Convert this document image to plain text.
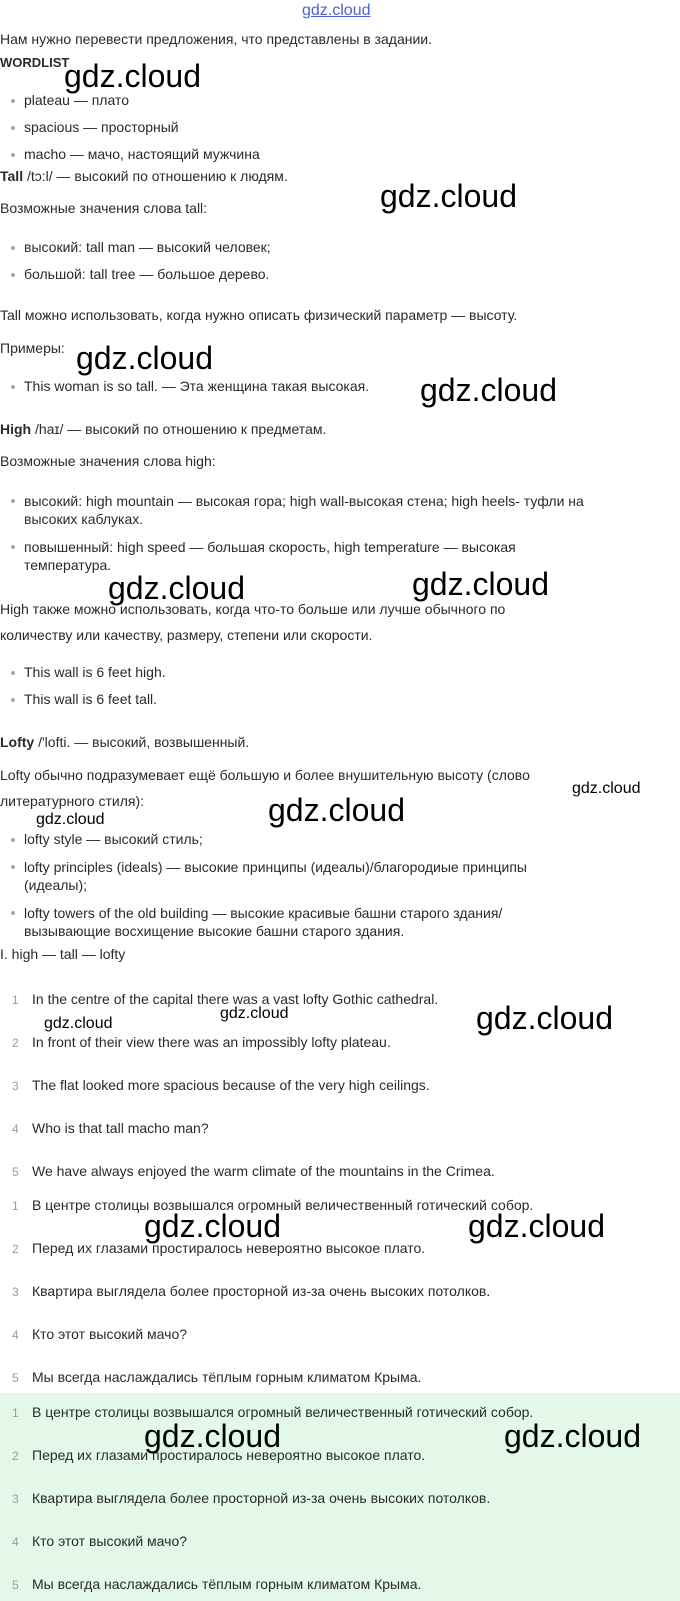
gdz.cloud
Нам нужно перевести предложения, что представлены в задании.
WORDLIST
plateau — плато
spacious — просторный
macho — мачо, настоящий мужчина
Tall /tɔ:l/ — высокий по отношению к людям.
Возможные значения слова tall:
высокий: tall man — высокий человек;
большой: tall tree — большое дерево.
Tall можно использовать, когда нужно описать физический параметр — высоту.
Примеры:
This woman is so tall. — Эта женщина такая высокая.
High /haɪ/ — высокий по отношению к предметам.
Возможные значения слова high:
высокий: high mountain — высокая гора; high wall-высокая стена; high heels- туфли на
высоких каблуках.
повышенный: high speed — большая скорость, high temperature — высокая
температура.
High также можно использовать, когда что-то больше или лучше обычного по
количеству или качеству, размеру, степени или скорости.
This wall is 6 feet high.
This wall is 6 feet tall.
Lofty /'lofti. — высокий, возвышенный.
Lofty обычно подразумевает ещё большую и более внушительную высоту (слово
литературного стиля):
lofty style — высокий стиль;
lofty principles (ideals) — высокие принципы (идеалы)/благородиые принципы
(идеалы);
lofty towers of the old building — высокие красивые башни старого здания/
вызывающие восхищение высокие башни старого здания.
I. high — tall — lofty
1 In the centre of the capital there was a vast lofty Gothic cathedral.
2 In front of their view there was an impossibly lofty plateau.
3 The flat looked more spacious because of the very high ceilings.
4 Who is that tall macho man?
5 We have always enjoyed the warm climate of the mountains in the Crimea.
1 В центре столицы возвышался огромный величественный готический собор.
2 Перед их глазами простиралось невероятно высокое плато.
3 Квартира выглядела более просторной из-за очень высоких потолков.
4 Кто этот высокий мачо?
5 Мы всегда наслаждались тёплым горным климатом Крыма.
1 В центре столицы возвышался огромный величественный готический собор.
2 Перед их глазами простиралось невероятно высокое плато.
3 Квартира выглядела более просторной из-за очень высоких потолков.
4 Кто этот высокий мачо?
5 Мы всегда наслаждались тёплым горным климатом Крыма.
gdz.cloud
gdz.cloud
gdz.cloud
gdz.cloud
gdz.cloud	gdz.cloud
gdz.cloud
gdz.cloud	gdz.cloud
gdz.cloud
gdz.cloud	gdz.cloud
gdz.cloud	gdz.cloud
gdz.cloud	gdz.cloud
